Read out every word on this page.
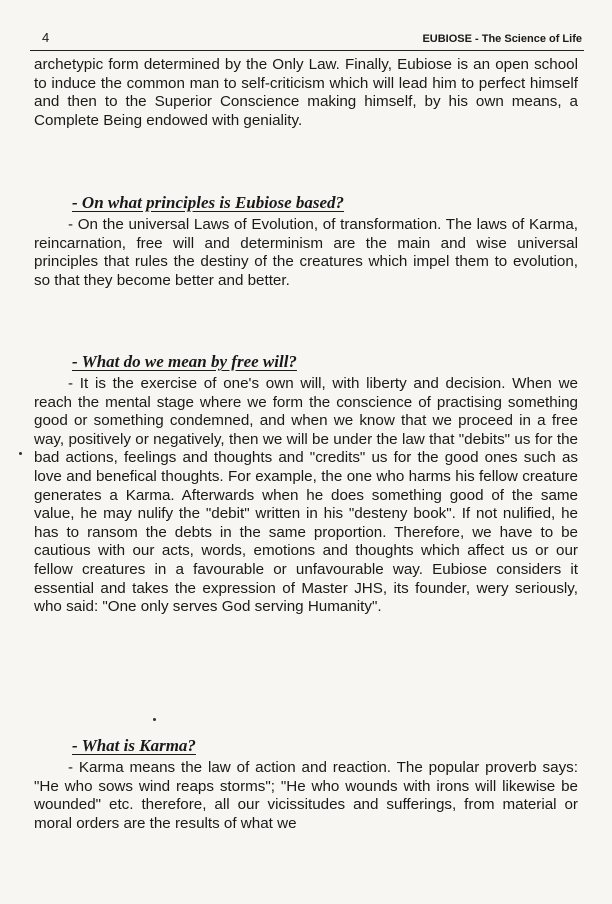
4	EUBIOSE - The Science of Life

archetypic form determined by the Only Law. Finally, Eubiose is an open school to induce the common man to self-criticism which will lead him to perfect himself and then to the Superior Conscience making himself, by his own means, a Complete Being endowed with geniality.

- On what principles is Eubiose based?

- On the universal Laws of Evolution, of transformation. The laws of Karma, reincarnation, free will and determinism are the main and wise universal principles that rules the destiny of the creatures which impel them to evolution, so that they become better and better.

- What do we mean by free will?

- It is the exercise of one's own will, with liberty and decision. When we reach the mental stage where we form the conscience of practising something good or something condemned, and when we know that we proceed in a free way, positively or negatively, then we will be under the law that "debits" us for the bad actions, feelings and thoughts and "credits" us for the good ones such as love and benefical thoughts. For example, the one who harms his fellow creature generates a Karma. Afterwards when he does something good of the same value, he may nulify the "debit" written in his "desteny book". If not nulified, he has to ransom the debts in the same proportion. Therefore, we have to be cautious with our acts, words, emotions and thoughts which affect us or our fellow creatures in a favourable or unfavourable way. Eubiose considers it essential and takes the expression of Master JHS, its founder, wery seriously, who said: "One only serves God serving Humanity".

- What is Karma?

- Karma means the law of action and reaction. The popular proverb says: "He who sows wind reaps storms"; "He who wounds with irons will likewise be wounded" etc. therefore, all our vicissitudes and sufferings, from material or moral orders are the results of what we
